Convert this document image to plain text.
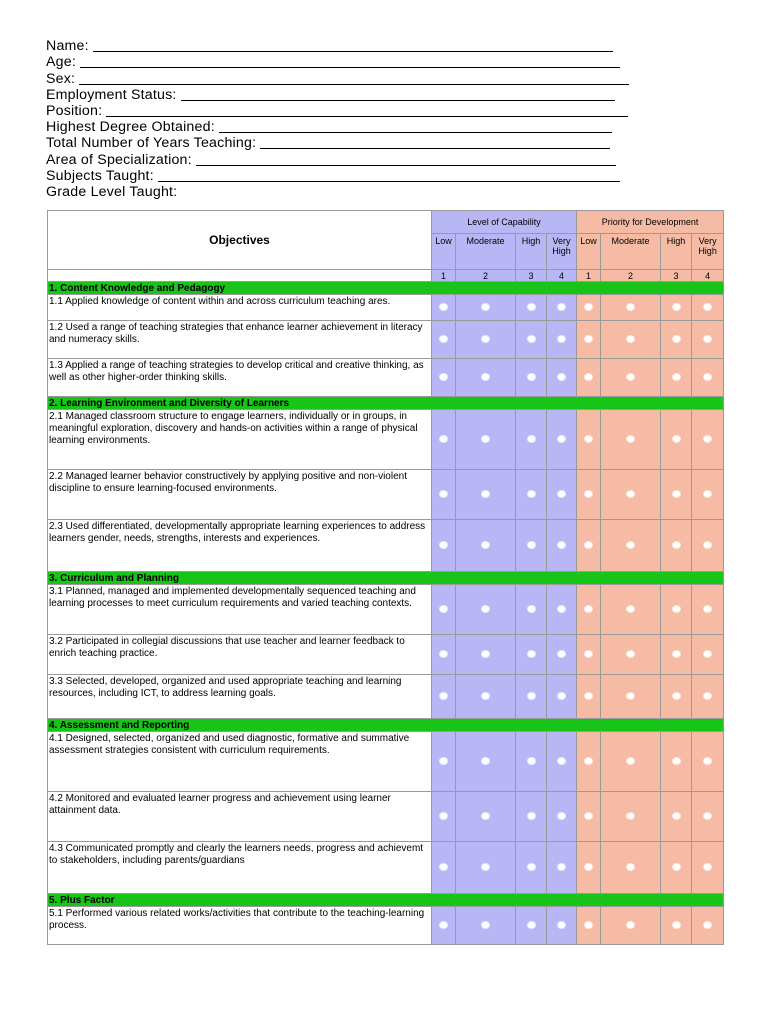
Name:
Age:
Sex:
Employment Status:
Position:
Highest Degree Obtained:
Total Number of Years Teaching:
Area of Specialization:
Subjects Taught:
Grade Level Taught:
Objectives	Level of Capability				Priority for Development			
	Low	Moderate	High	Very High	Low	Moderate	High	Very High
	1	2	3	4	1	2	3	4
1. Content Knowledge and Pedagogy								
1.1 Applied knowledge of content within and across curriculum teaching ares.								
1.2 Used a range of teaching strategies that enhance learner achievement in literacy and numeracy skills.								
1.3 Applied a range of teaching strategies to develop critical and creative thinking, as well as other higher-order thinking skills.								
2. Learning Environment and Diversity of Learners								
2.1 Managed classroom structure to engage learners, individually or in groups, in meaningful exploration, discovery and hands-on activities within a range of physical learning environments.								
2.2 Managed learner behavior constructively by applying positive and non-violent discipline to ensure learning-focused environments.								
2.3 Used differentiated, developmentally appropriate learning experiences to address learners gender, needs, strengths, interests and experiences.								
3. Curriculum and Planning								
3.1 Planned, managed and implemented developmentally sequenced teaching and learning processes to meet curriculum requirements and varied teaching contexts.								
3.2 Participated in collegial discussions that use teacher and learner feedback to enrich teaching practice.								
3.3 Selected, developed, organized and used appropriate teaching and learning resources, including ICT, to address learning goals.								
4. Assessment and Reporting								
4.1 Designed, selected, organized and used diagnostic, formative and summative assessment strategies consistent with curriculum requirements.								
4.2 Monitored and evaluated learner progress and achievement using learner attainment data.								
4.3 Communicated promptly and clearly the learners needs, progress and achievemt to stakeholders, including parents/guardians								
5. Plus Factor								
5.1 Performed various related works/activities that contribute to the teaching-learning process.								
